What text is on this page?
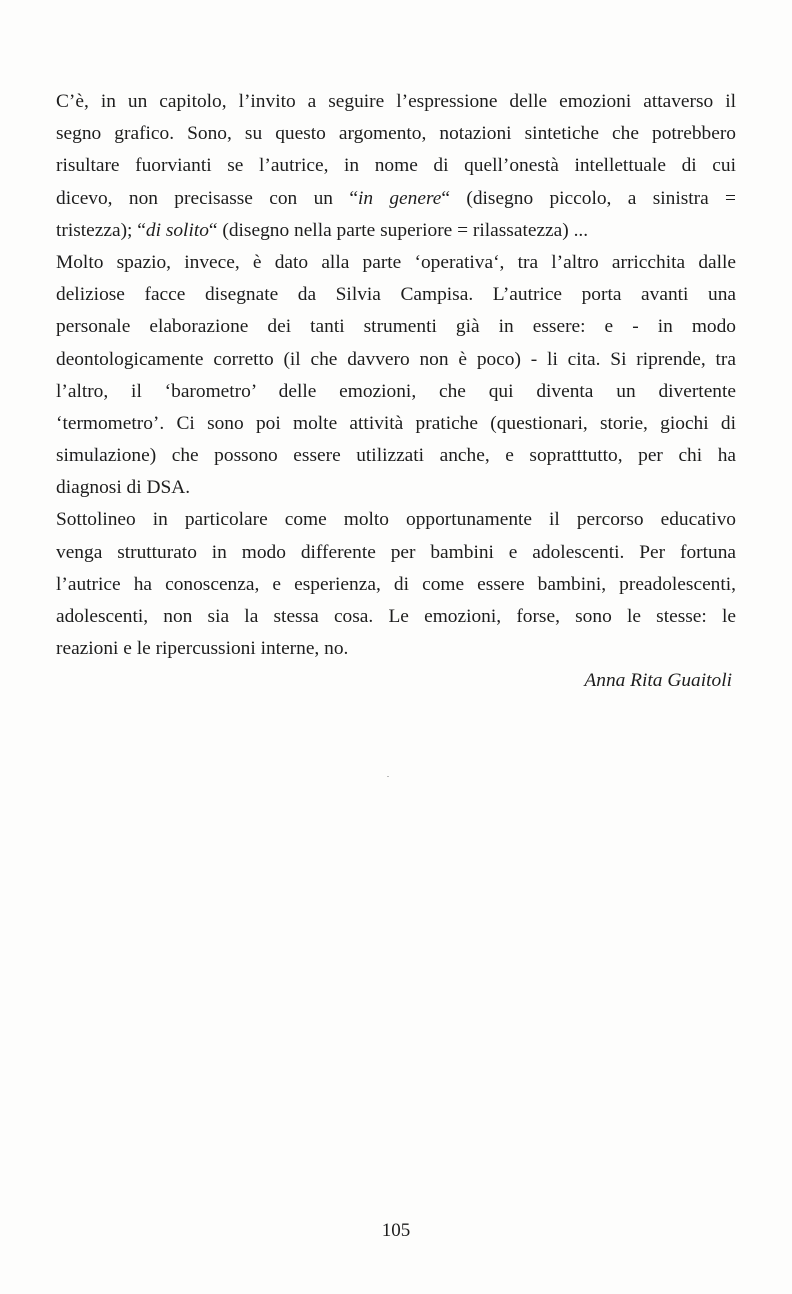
C’è, in un capitolo, l’invito a seguire l’espressione delle emozioni attaverso il
segno grafico. Sono, su questo argomento, notazioni sintetiche che potrebbero
risultare fuorvianti se l’autrice, in nome di quell’onestà intellettuale di cui
dicevo, non precisasse con un “in genere“ (disegno piccolo, a sinistra =
tristezza); “di solito“ (disegno nella parte superiore = rilassatezza) ...
Molto spazio, invece, è dato alla parte ‘operativa‘, tra l’altro arricchita dalle
deliziose facce disegnate da Silvia Campisa. L’autrice porta avanti una
personale elaborazione dei tanti strumenti già in essere: e - in modo
deontologicamente corretto (il che davvero non è poco) - li cita. Si riprende, tra
l’altro, il ‘barometro’ delle emozioni, che qui diventa un divertente
‘termometro’. Ci sono poi molte attività pratiche (questionari, storie, giochi di
simulazione) che possono essere utilizzati anche, e sopratttutto, per chi ha
diagnosi di DSA.
Sottolineo in particolare come molto opportunamente il percorso educativo
venga strutturato in modo differente per bambini e adolescenti. Per fortuna
l’autrice ha conoscenza, e esperienza, di come essere bambini, preadolescenti,
adolescenti, non sia la stessa cosa. Le emozioni, forse, sono le stesse: le
reazioni e le ripercussioni interne, no.
Anna Rita Guaitoli
105
